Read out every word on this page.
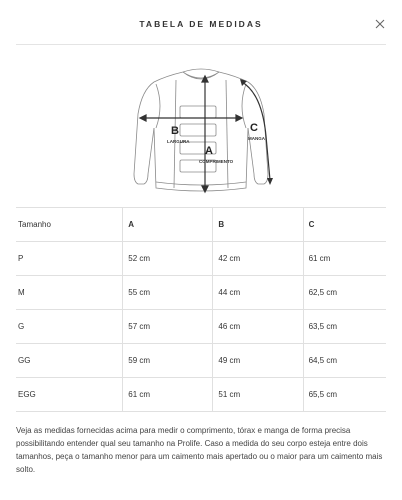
TABELA DE MEDIDAS
B
LARGURA
A
COMPRIMENTO
C
MANGA
Tamanho	A	B	C
P	52 cm	42 cm	61 cm
M	55 cm	44 cm	62,5 cm
G	57 cm	46 cm	63,5 cm
GG	59 cm	49 cm	64,5 cm
EGG	61 cm	51 cm	65,5 cm

Veja as medidas fornecidas acima para medir o comprimento, tórax e manga de forma precisa possibilitando entender qual seu tamanho na Prolife. Caso a medida do seu corpo esteja entre dois tamanhos, peça o tamanho menor para um caimento mais apertado ou o maior para um caimento mais solto.
